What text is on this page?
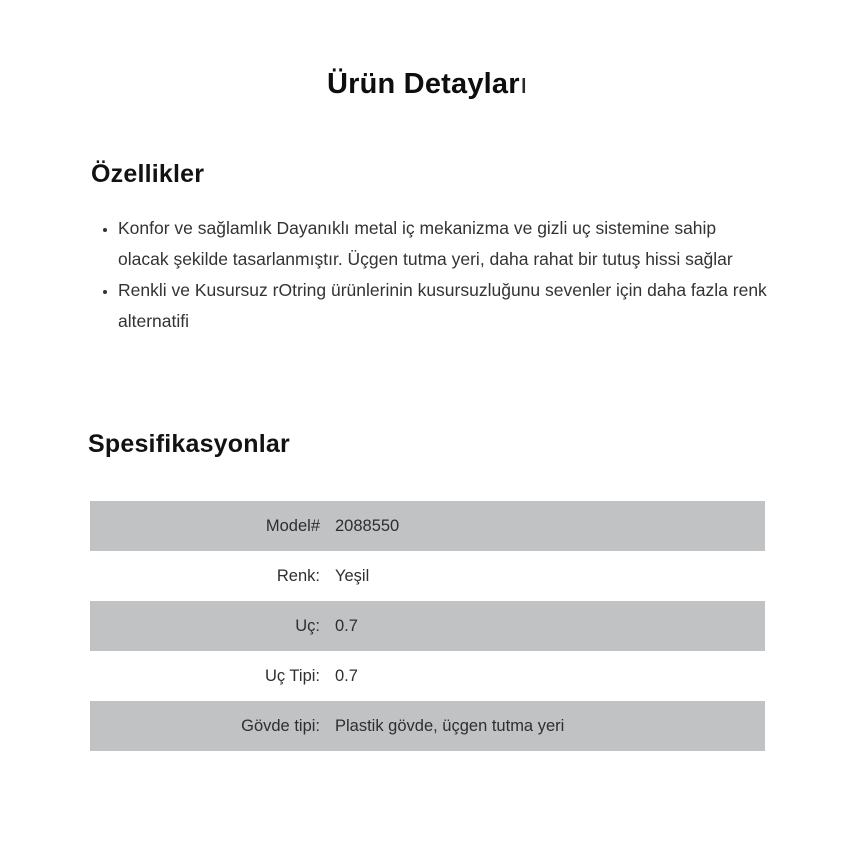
Ürün Detayları
Özellikler
• Konfor ve sağlamlık Dayanıklı metal iç mekanizma ve gizli uç sistemine sahip olacak şekilde tasarlanmıştır. Üçgen tutma yeri, daha rahat bir tutuş hissi sağlar
• Renkli ve Kusursuz rOtring ürünlerinin kusursuzluğunu sevenler için daha fazla renk alternatifi
Spesifikasyonlar
Model# 2088550
Renk: Yeşil
Uç: 0.7
Uç Tipi: 0.7
Gövde tipi: Plastik gövde, üçgen tutma yeri
